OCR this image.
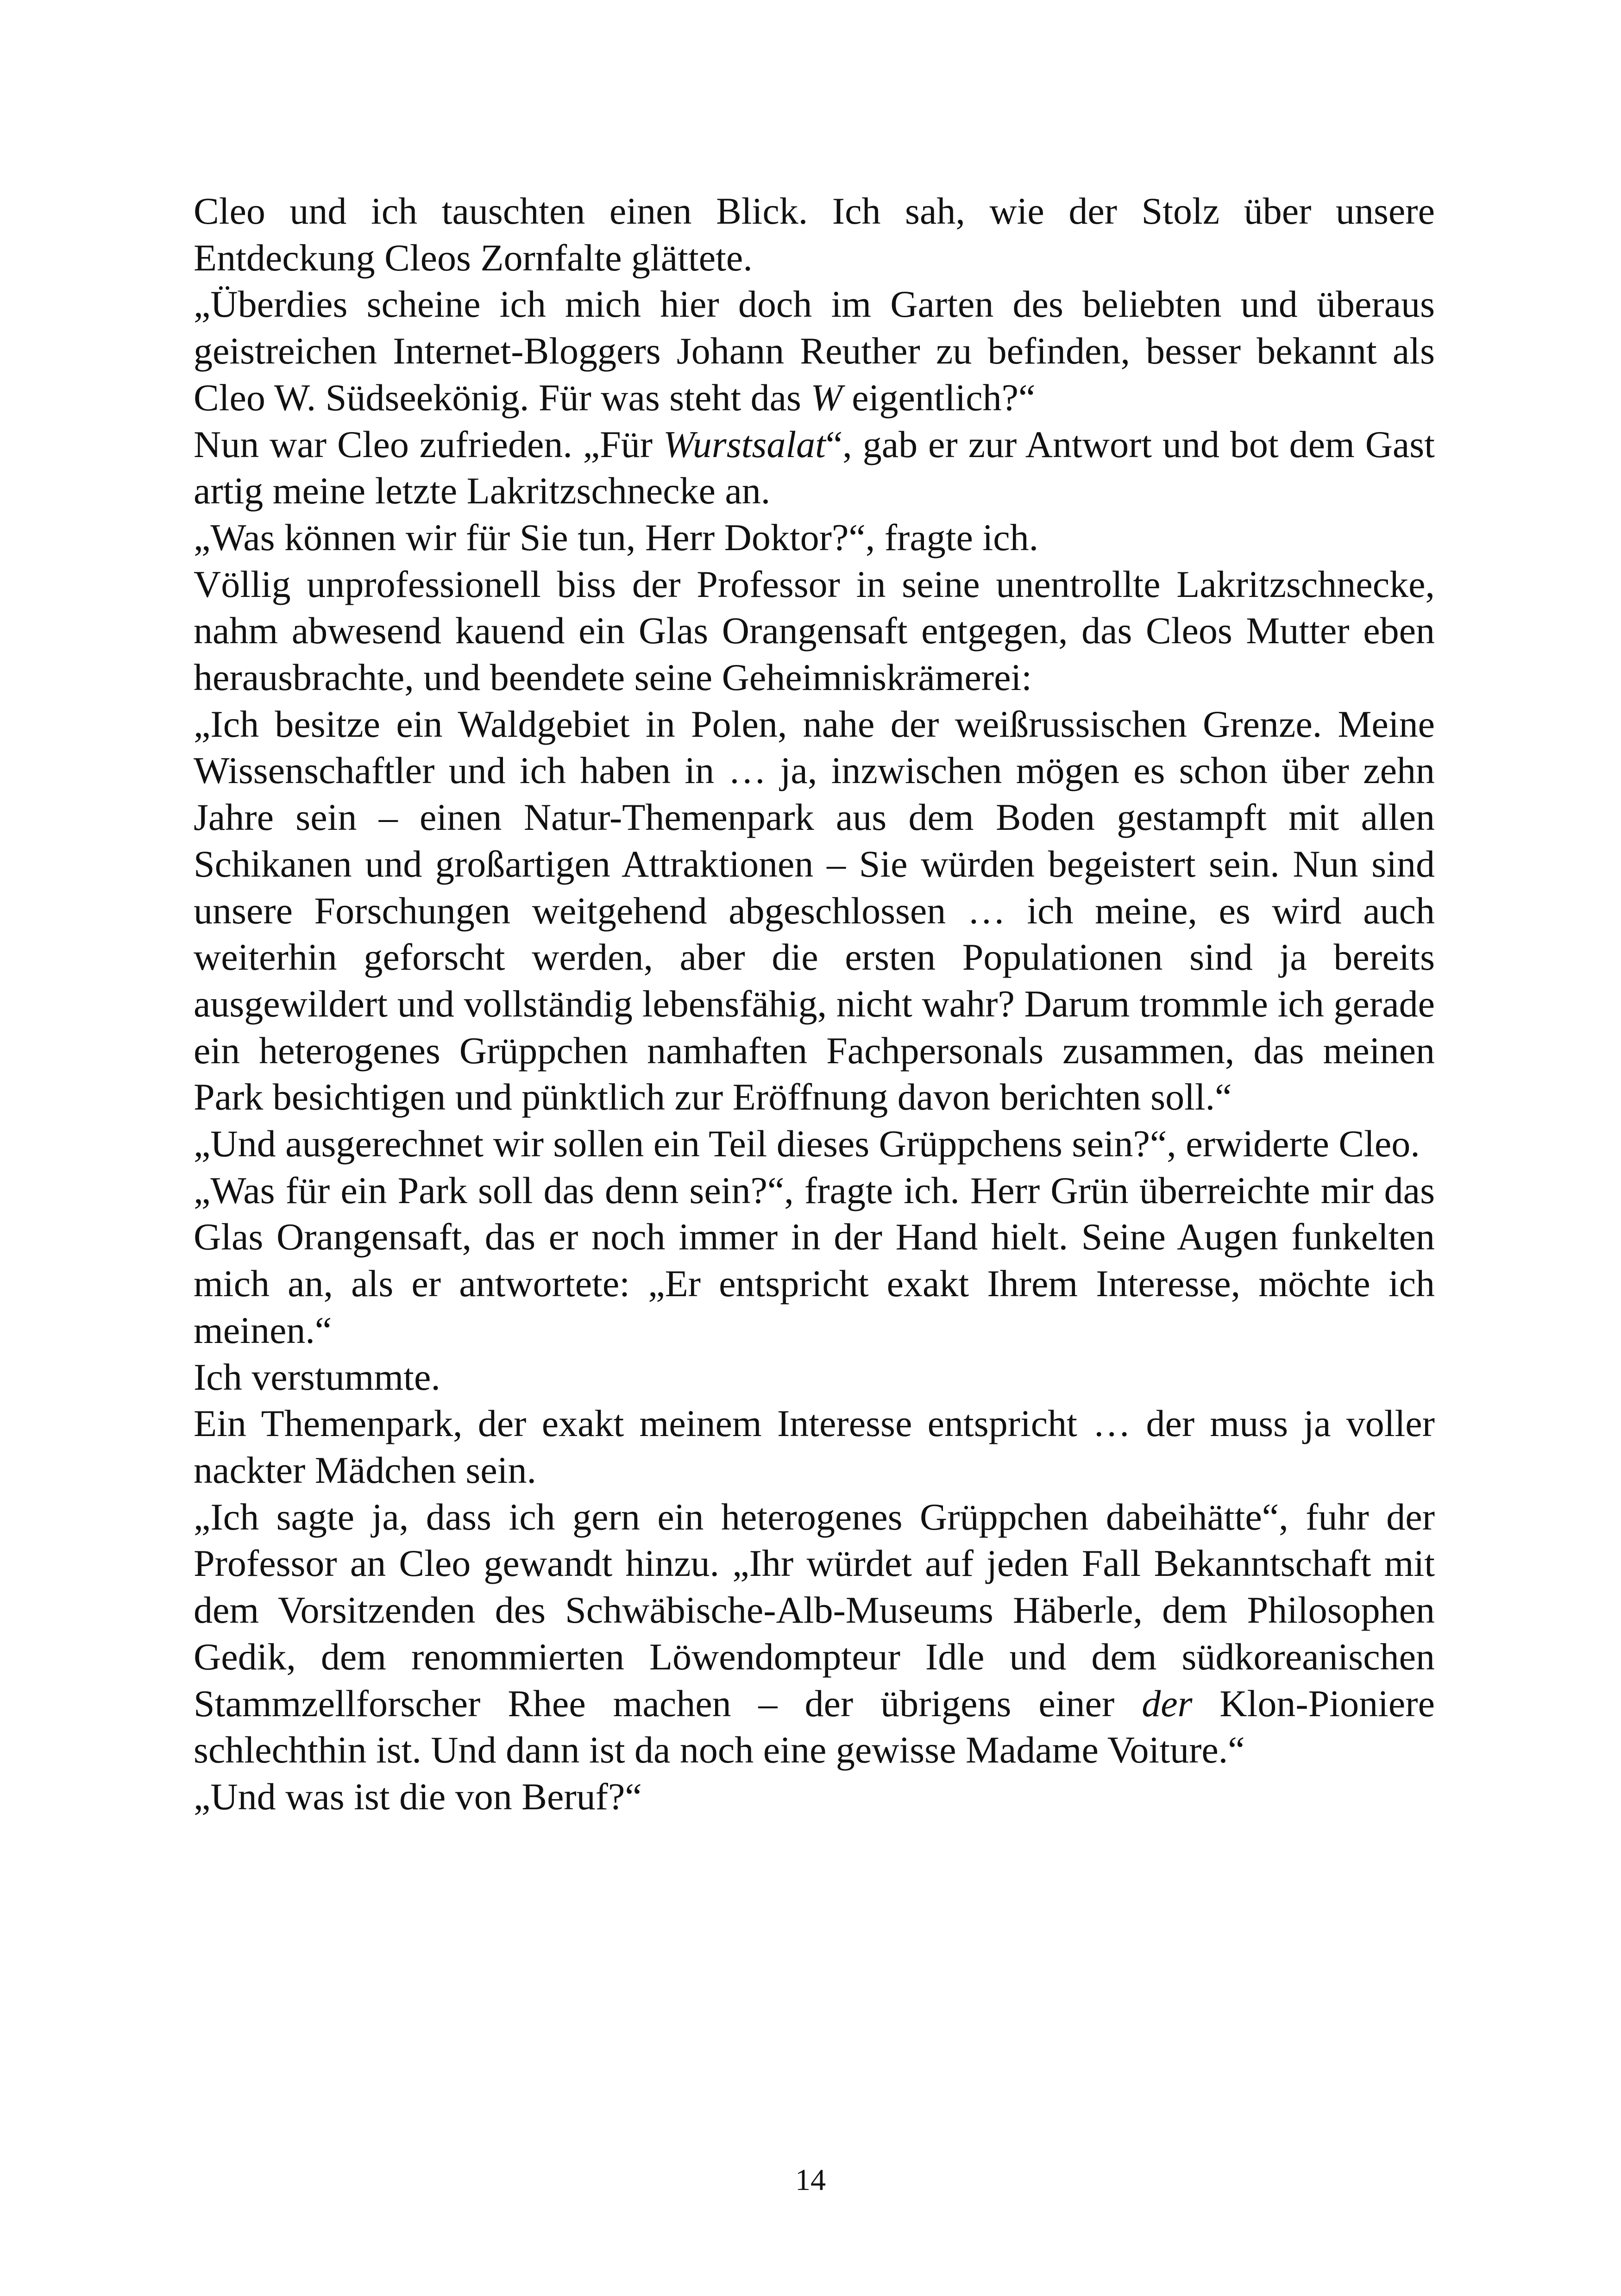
Cleo und ich tauschten einen Blick. Ich sah, wie der Stolz über unsere Entdeckung Cleos Zornfalte glättete.

„Überdies scheine ich mich hier doch im Garten des beliebten und überaus geistreichen Internet-Bloggers Johann Reuther zu befinden, besser bekannt als Cleo W. Südseekönig. Für was steht das W eigentlich?“

Nun war Cleo zufrieden. „Für Wurstsalat“, gab er zur Antwort und bot dem Gast artig meine letzte Lakritzschnecke an.

„Was können wir für Sie tun, Herr Doktor?“, fragte ich.

Völlig unprofessionell biss der Professor in seine unentrollte Lakritzschnecke, nahm abwesend kauend ein Glas Orangensaft entgegen, das Cleos Mutter eben herausbrachte, und beendete seine Geheimniskrämerei:

„Ich besitze ein Waldgebiet in Polen, nahe der weißrussischen Grenze. Meine Wissenschaftler und ich haben in … ja, inzwischen mögen es schon über zehn Jahre sein – einen Natur-Themenpark aus dem Boden gestampft mit allen Schikanen und großartigen Attraktionen – Sie würden begeistert sein. Nun sind unsere Forschungen weitgehend abgeschlossen … ich meine, es wird auch weiterhin geforscht werden, aber die ersten Populationen sind ja bereits ausgewildert und vollständig lebensfähig, nicht wahr? Darum trommle ich gerade ein heterogenes Grüppchen namhaften Fachpersonals zusammen, das meinen Park besichtigen und pünktlich zur Eröffnung davon berichten soll.“

„Und ausgerechnet wir sollen ein Teil dieses Grüppchens sein?“, erwiderte Cleo.

„Was für ein Park soll das denn sein?“, fragte ich. Herr Grün überreichte mir das Glas Orangensaft, das er noch immer in der Hand hielt. Seine Augen funkelten mich an, als er antwortete: „Er entspricht exakt Ihrem Interesse, möchte ich meinen.“

Ich verstummte.

Ein Themenpark, der exakt meinem Interesse entspricht … der muss ja voller nackter Mädchen sein.

„Ich sagte ja, dass ich gern ein heterogenes Grüppchen dabeihätte“, fuhr der Professor an Cleo gewandt hinzu. „Ihr würdet auf jeden Fall Bekanntschaft mit dem Vorsitzenden des Schwäbische-Alb-Museums Häberle, dem Philosophen Gedik, dem renommierten Löwendompteur Idle und dem südkoreanischen Stammzellforscher Rhee machen – der übrigens einer der Klon-Pioniere schlechthin ist. Und dann ist da noch eine gewisse Madame Voiture.“

„Und was ist die von Beruf?“

14
